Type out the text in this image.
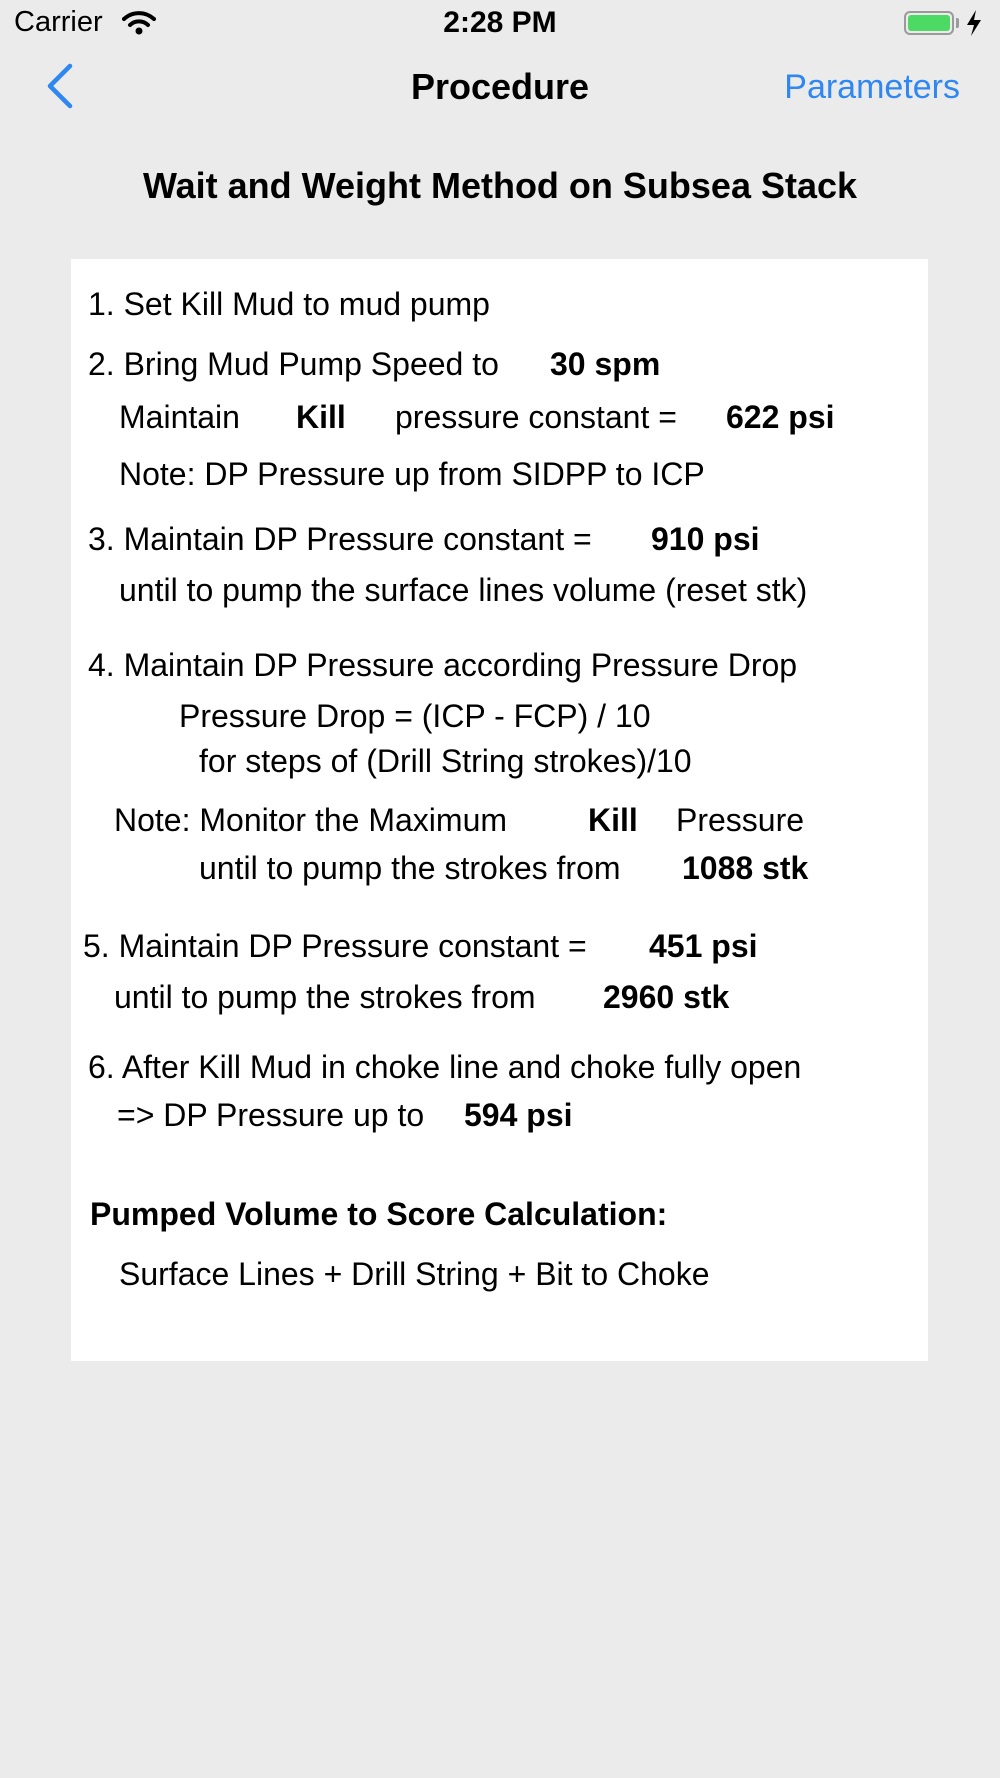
Carrier	2:28 PM
Procedure	Parameters
Wait and Weight Method on Subsea Stack
1. Set Kill Mud to mud pump
2. Bring Mud Pump Speed to 30 spm
Maintain Kill pressure constant = 622 psi
Note: DP Pressure up from SIDPP to ICP
3. Maintain DP Pressure constant = 910 psi
until to pump the surface lines volume (reset stk)
4. Maintain DP Pressure according Pressure Drop
Pressure Drop = (ICP - FCP) / 10
for steps of (Drill String strokes)/10
Note: Monitor the Maximum	Kill Pressure
until to pump the strokes from 1088 stk
5. Maintain DP Pressure constant = 451 psi
until to pump the strokes from 2960 stk
6. After Kill Mud in choke line and choke fully open
=> DP Pressure up to 594 psi
Pumped Volume to Score Calculation:
Surface Lines + Drill String + Bit to Choke
